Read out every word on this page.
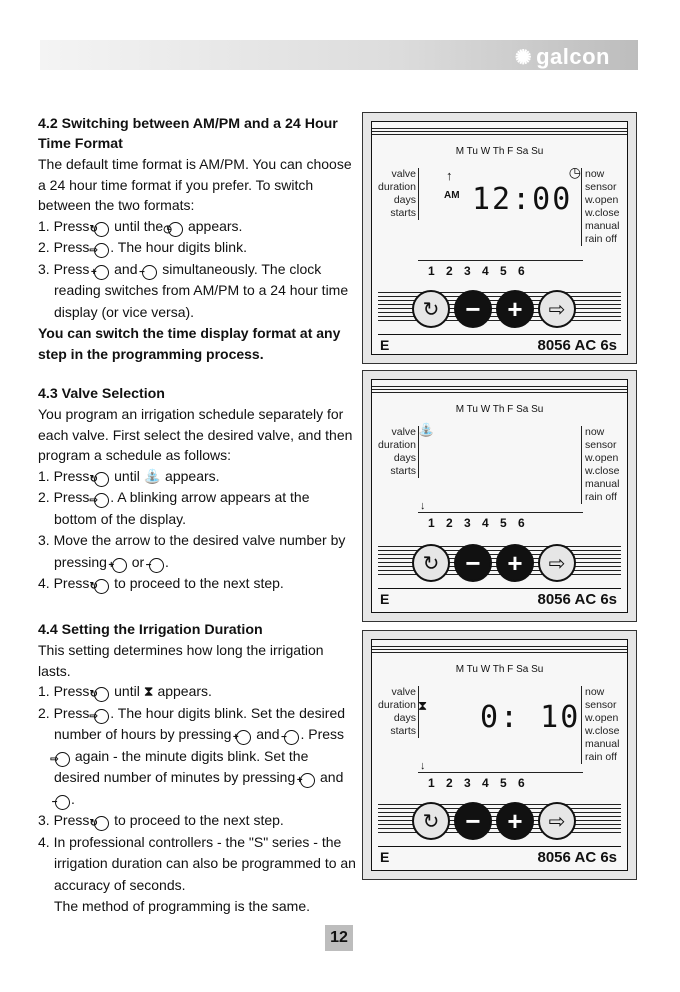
✺ galcon

4.2 Switching between AM/PM and a 24 Hour Time Format

The default time format is AM/PM. You can choose a 24 hour time format if you prefer. To switch between the two formats:

1. Press ↻ until the ◷ appears.

2. Press ⇨ . The hour digits blink.

3. Press + and − simultaneously. The clock reading switches from AM/PM to a 24 hour time display (or vice versa).

You can switch the time display format at any step in the programming process.

4.3 Valve Selection

You program an irrigation schedule separately for each valve. First select the desired valve, and then program a schedule as follows:

1. Press ↻ until ⛲ appears.

2. Press ⇨ . A blinking arrow appears at the bottom of the display.

3. Move the arrow to the desired valve number by pressing + or − .

4. Press ↻ to proceed to the next step.

4.4 Setting the Irrigation Duration

This setting determines how long the irrigation lasts.

1. Press ↻ until ⧗ appears.

2. Press ⇨ . The hour digits blink. Set the desired number of hours by pressing + and − . Press ⇨ again - the minute digits blink. Set the desired number of minutes by pressing + and − .

3. Press ↻ to proceed to the next step.

4. In professional controllers - the "S" series - the irrigation duration can also be programmed to an accuracy of seconds.

The method of programming is the same.

M Tu W Th F Sa Su
valve
duration
days
starts
↑
AM 12:00
◷ now
sensor
w.open
w.close
manual
rain off
1 2 3 4 5 6
↻ − + ⇨
E	8056 AC 6s
M Tu W Th F Sa Su
valve
duration
days
starts
⛲
↓
now
sensor
w.open
w.close
manual
rain off
1 2 3 4 5 6
↻ − + ⇨
E	8056 AC 6s
M Tu W Th F Sa Su
valve
duration
days
starts
⧗ 0: 10
↓
now
sensor
w.open
w.close
manual
rain off
1 2 3 4 5 6
↻ − + ⇨
E	8056 AC 6s
12
